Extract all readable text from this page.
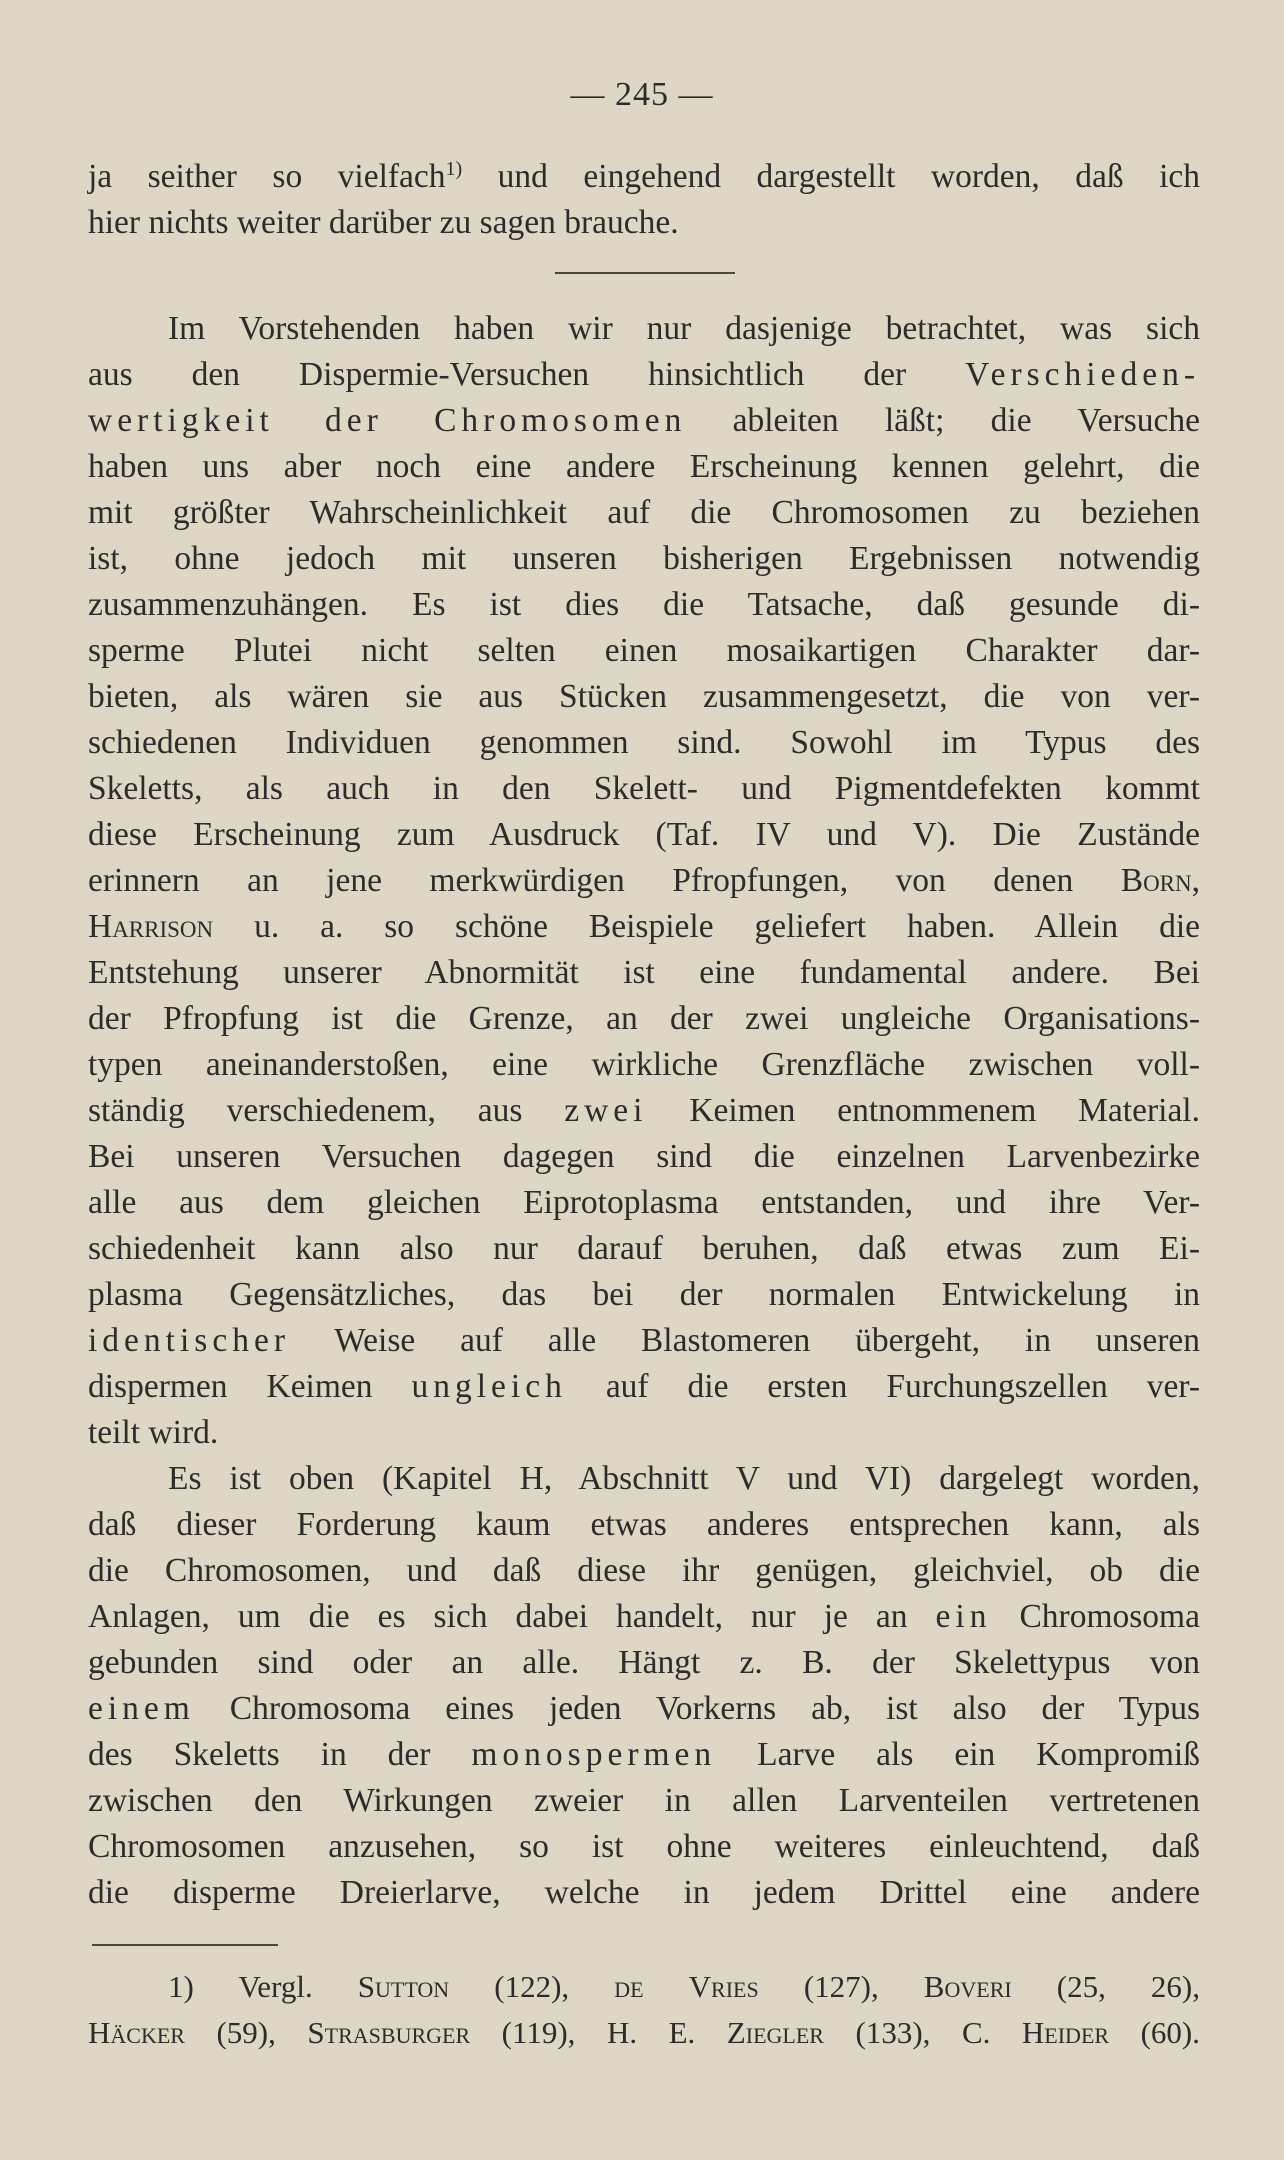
— 245 —
ja seither so vielfach$^{1)}$ und eingehend dargestellt worden, daß ich
hier nichts weiter darüber zu sagen brauche.
Im Vorstehenden haben wir nur dasjenige betrachtet, was sich
aus den Dispermie-Versuchen hinsichtlich der Verschieden-
wertigkeit der Chromosomen ableiten läßt; die Versuche
haben uns aber noch eine andere Erscheinung kennen gelehrt, die
mit größter Wahrscheinlichkeit auf die Chromosomen zu beziehen
ist, ohne jedoch mit unseren bisherigen Ergebnissen notwendig
zusammenzuhängen. Es ist dies die Tatsache, daß gesunde di-
sperme Plutei nicht selten einen mosaikartigen Charakter dar-
bieten, als wären sie aus Stücken zusammengesetzt, die von ver-
schiedenen Individuen genommen sind. Sowohl im Typus des
Skeletts, als auch in den Skelett- und Pigmentdefekten kommt
diese Erscheinung zum Ausdruck (Taf. IV und V). Die Zustände
erinnern an jene merkwürdigen Pfropfungen, von denen Born,
Harrison u. a. so schöne Beispiele geliefert haben. Allein die
Entstehung unserer Abnormität ist eine fundamental andere. Bei
der Pfropfung ist die Grenze, an der zwei ungleiche Organisations-
typen aneinanderstoßen, eine wirkliche Grenzfläche zwischen voll-
ständig verschiedenem, aus zwei Keimen entnommenem Material.
Bei unseren Versuchen dagegen sind die einzelnen Larvenbezirke
alle aus dem gleichen Eiprotoplasma entstanden, und ihre Ver-
schiedenheit kann also nur darauf beruhen, daß etwas zum Ei-
plasma Gegensätzliches, das bei der normalen Entwickelung in
identischer Weise auf alle Blastomeren übergeht, in unseren
dispermen Keimen ungleich auf die ersten Furchungszellen ver-
teilt wird.
Es ist oben (Kapitel H, Abschnitt V und VI) dargelegt worden,
daß dieser Forderung kaum etwas anderes entsprechen kann, als
die Chromosomen, und daß diese ihr genügen, gleichviel, ob die
Anlagen, um die es sich dabei handelt, nur je an ein Chromosoma
gebunden sind oder an alle. Hängt z. B. der Skelettypus von
einem Chromosoma eines jeden Vorkerns ab, ist also der Typus
des Skeletts in der monospermen Larve als ein Kompromiß
zwischen den Wirkungen zweier in allen Larventeilen vertretenen
Chromosomen anzusehen, so ist ohne weiteres einleuchtend, daß
die disperme Dreierlarve, welche in jedem Drittel eine andere
1) Vergl. Sutton (122), de Vries (127), Boveri (25, 26),
Häcker (59), Strasburger (119), H. E. Ziegler (133), C. Heider (60).
